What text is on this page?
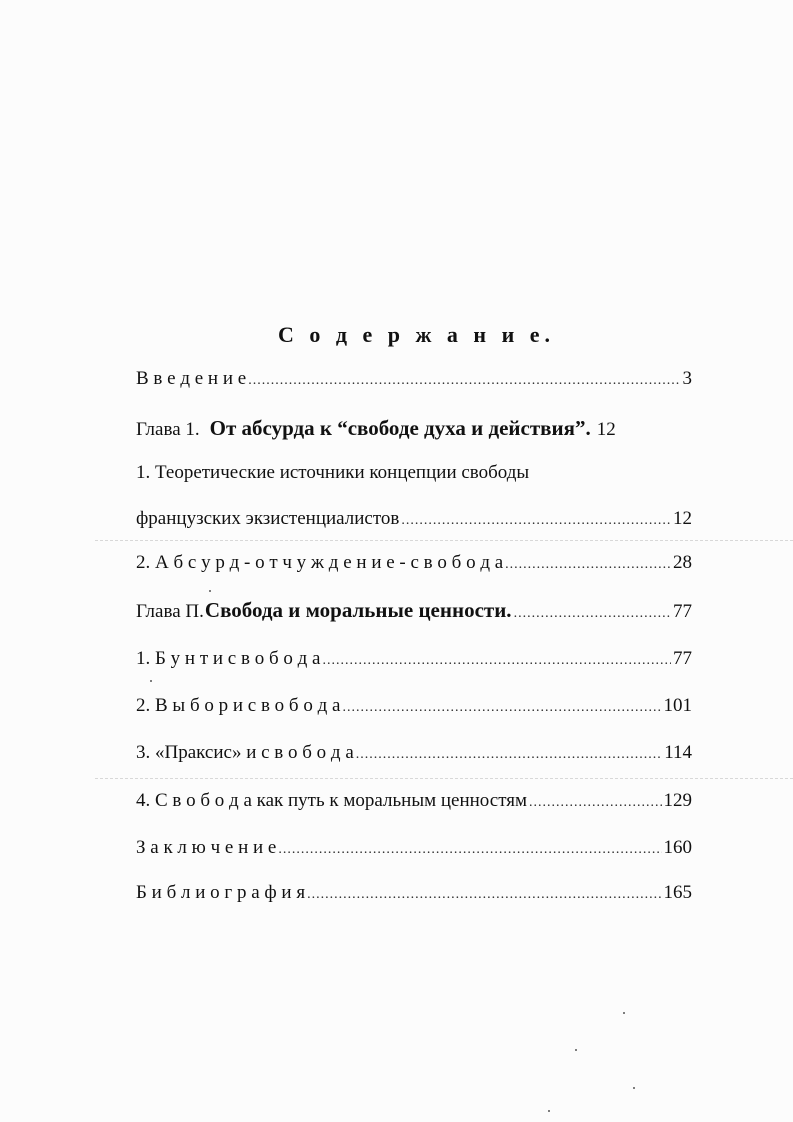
С о д е р ж а н и е.
В в е д е н и е .....	3
Глава 1. От абсурда к “свободе духа и действия”. 12
1. Теоретические источники концепции свободы
французских экзистенциалистов .....	12
2. А б с у р д - о т ч у ж д е н и е - с в о б о д а .....	28
Глава П. Свобода и моральные ценности. .....	77
1. Б у н т и с в о б о д а .....	77
2. В ы б о р и с в о б о д а .....	101
3. «Праксис» и с в о б о д а .....	114
4. С в о б о д а как путь к моральным ценностям .....	129
З а к л ю ч е н и е .....	160
Б и б л и о г р а ф и я .....	165
